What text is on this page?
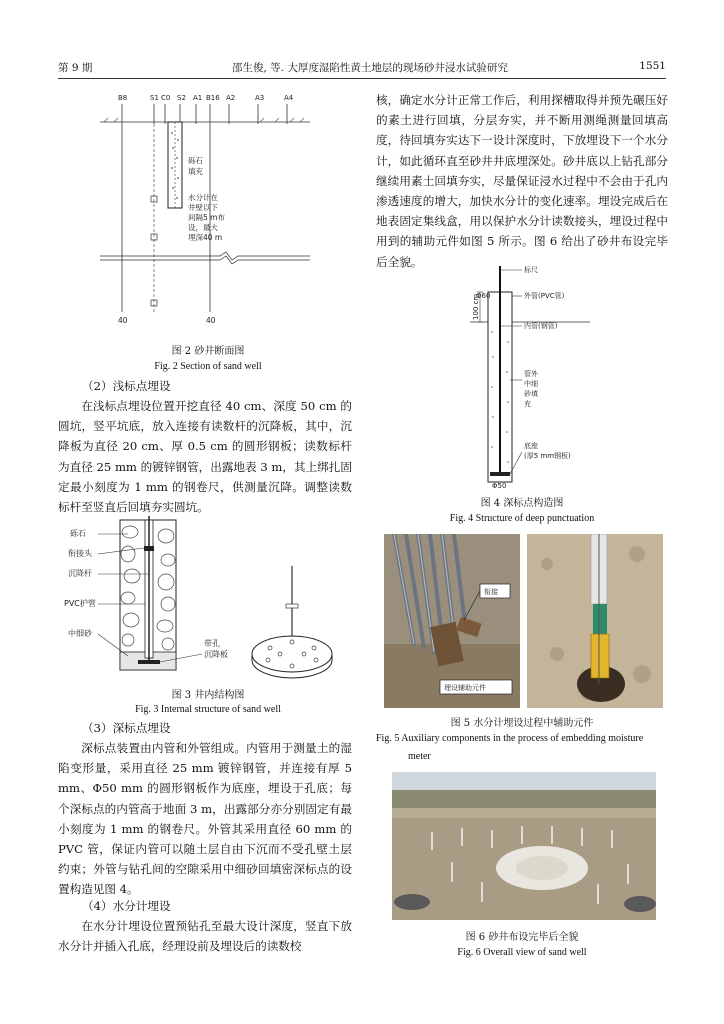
第 9 期	邵生俊, 等. 大厚度湿陷性黄土地层的现场砂井浸水试验研究	1551
B8	S1 C0 S2 A1 B16 A2	A3	A4
砾石
填充
水分计在
井壁以下
间隔5 m布
设，最大
埋深40 m
40	40
图 2 砂井断面图
Fig. 2 Section of sand well
（2）浅标点埋设

在浅标点埋设位置开挖直径 40 cm、深度 50 cm 的圆坑，竖平坑底，放入连接有读数杆的沉降板，其中，沉降板为直径 20 cm、厚 0.5 cm 的圆形钢板；读数标杆为直径 25 mm 的镀锌钢管，出露地表 3 m，其上绑扎固定最小刻度为 1 mm 的钢卷尺，供测量沉降。调整读数标杆至竖直后回填夯实圆坑。

砾石
衔接头
沉降杆
PVC护管
中细砂
带孔
沉降板
图 3 井内结构图
Fig. 3 Internal structure of sand well
（3）深标点埋设

深标点装置由内管和外管组成。内管用于测量土的湿陷变形量，采用直径 25 mm 镀锌钢管，并连接有厚 5 mm、Φ50 mm 的圆形钢板作为底座，埋设于孔底；每个深标点的内管高于地面 3 m，出露部分亦分别固定有最小刻度为 1 mm 的钢卷尺。外管其采用直径 60 mm 的 PVC 管，保证内管可以随土层自由下沉而不受孔壁土层约束；外管与钻孔间的空隙采用中细砂回填密深标点的设置构造见图 4。

（4）水分计埋设

在水分计埋设位置预钻孔至最大设计深度，竖直下放水分计并插入孔底，经理设前及埋设后的读数校

核，确定水分计正常工作后，利用探槽取得并预先碾压好的素土进行回填，分层夯实，并不断用测绳测量回填高度，待回填夯实达下一设计深度时，下放埋设下一个水分计，如此循环直至砂井井底埋深处。砂井底以上钻孔部分继续用素土回填夯实，尽量保证浸水过程中不会由于孔内渗透速度的增大，加快水分计的变化速率。埋设完成后在地表固定集线盒，用以保护水分计读数接头，埋设过程中用到的辅助元件如图 5 所示。图 6 给出了砂井布设完毕后全貌。

标尺
Φ60	外管(PVC管)
内管(钢管)
管外
中细
砂填
充
底座
(厚5 mm钢板)
Φ50
100 cm
图 4 深标点构造图
Fig. 4 Structure of deep punctuation
衔接
埋设辅助元件
图 5 水分计埋设过程中辅助元件
Fig. 5 Auxiliary components in the process of embedding moisture
meter
图 6 砂井布设完毕后全貌
Fig. 6 Overall view of sand well
